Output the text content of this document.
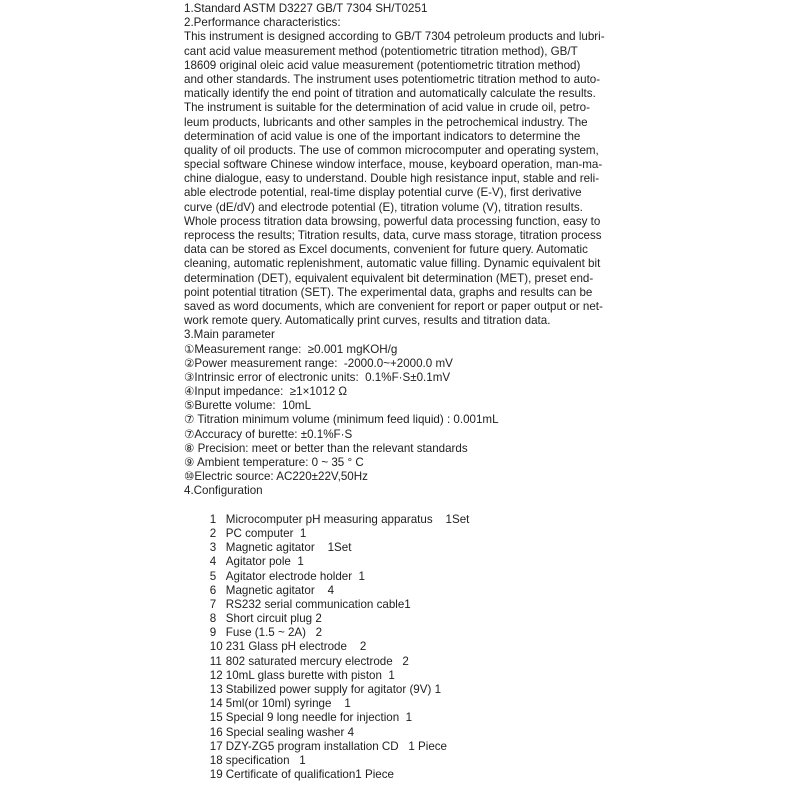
1.Standard ASTM D3227 GB/T 7304 SH/T0251
2.Performance characteristics:
This instrument is designed according to GB/T 7304 petroleum products and lubri-
cant acid value measurement method (potentiometric titration method), GB/T
18609 original oleic acid value measurement (potentiometric titration method)
and other standards. The instrument uses potentiometric titration method to auto-
matically identify the end point of titration and automatically calculate the results.
The instrument is suitable for the determination of acid value in crude oil, petro-
leum products, lubricants and other samples in the petrochemical industry. The
determination of acid value is one of the important indicators to determine the
quality of oil products. The use of common microcomputer and operating system,
special software Chinese window interface, mouse, keyboard operation, man-ma-
chine dialogue, easy to understand. Double high resistance input, stable and reli-
able electrode potential, real-time display potential curve (E-V), first derivative
curve (dE/dV) and electrode potential (E), titration volume (V), titration results.
Whole process titration data browsing, powerful data processing function, easy to
reprocess the results; Titration results, data, curve mass storage, titration process
data can be stored as Excel documents, convenient for future query. Automatic
cleaning, automatic replenishment, automatic value filling. Dynamic equivalent bit
determination (DET), equivalent equivalent bit determination (MET), preset end-
point potential titration (SET). The experimental data, graphs and results can be
saved as word documents, which are convenient for report or paper output or net-
work remote query. Automatically print curves, results and titration data.
3.Main parameter
①Measurement range:  ≥0.001 mgKOH/g
②Power measurement range:  -2000.0~+2000.0 mV
③Intrinsic error of electronic units:  0.1%F·S±0.1mV
④Input impedance:  ≥1×1012 Ω
⑤Burette volume:  10mL
⑦ Titration minimum volume (minimum feed liquid) : 0.001mL
⑦Accuracy of burette: ±0.1%F·S
⑧ Precision: meet or better than the relevant standards
⑨ Ambient temperature: 0 ~ 35 ° C
⑩Electric source: AC220±22V,50Hz
4.Configuration

1 Microcomputer pH measuring apparatus    1Set

2 PC computer  1

3 Magnetic agitator    1Set

4 Agitator pole  1

5 Agitator electrode holder  1

6 Magnetic agitator    4

7 RS232 serial communication cable1

8 Short circuit plug 2

9 Fuse (1.5 ~ 2A)   2

10 231 Glass pH electrode    2

11 802 saturated mercury electrode   2

12 10mL glass burette with piston  1

13 Stabilized power supply for agitator (9V) 1

14 5ml(or 10ml) syringe    1

15 Special 9 long needle for injection  1

16 Special sealing washer 4

17 DZY-ZG5 program installation CD   1 Piece

18 specification   1

19 Certificate of qualification1 Piece
